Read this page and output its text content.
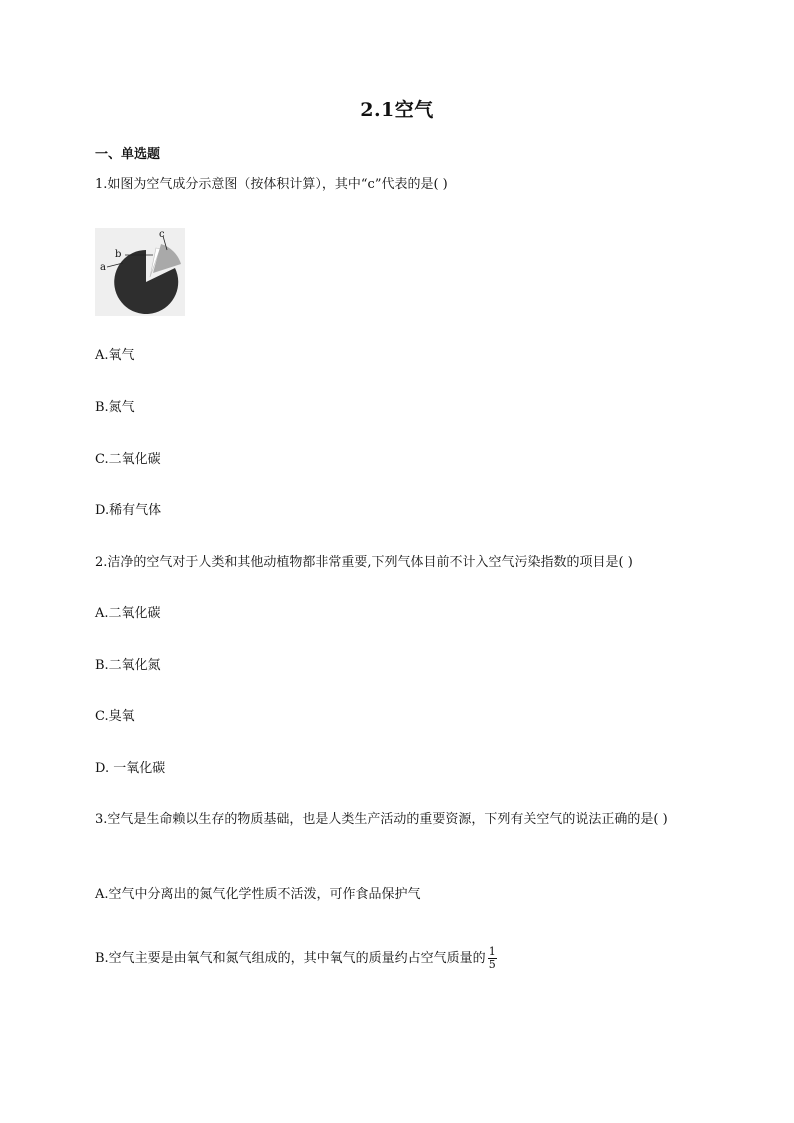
2.1空气
一、单选题
1.如图为空气成分示意图（按体积计算），其中“c”代表的是( )
a
b
c
A.氧气
B.氮气
C.二氧化碳
D.稀有气体
2.洁净的空气对于人类和其他动植物都非常重要,下列气体目前不计入空气污染指数的项目是( )
A.二氧化碳
B.二氧化氮
C.臭氧
D. 一氧化碳
3.空气是生命赖以生存的物质基础，也是人类生产活动的重要资源，下列有关空气的说法正确的是( )
A.空气中分离出的氮气化学性质不活泼，可作食品保护气
B.空气主要是由氧气和氮气组成的，其中氧气的质量约占空气质量的 $\frac{1}{5}$
